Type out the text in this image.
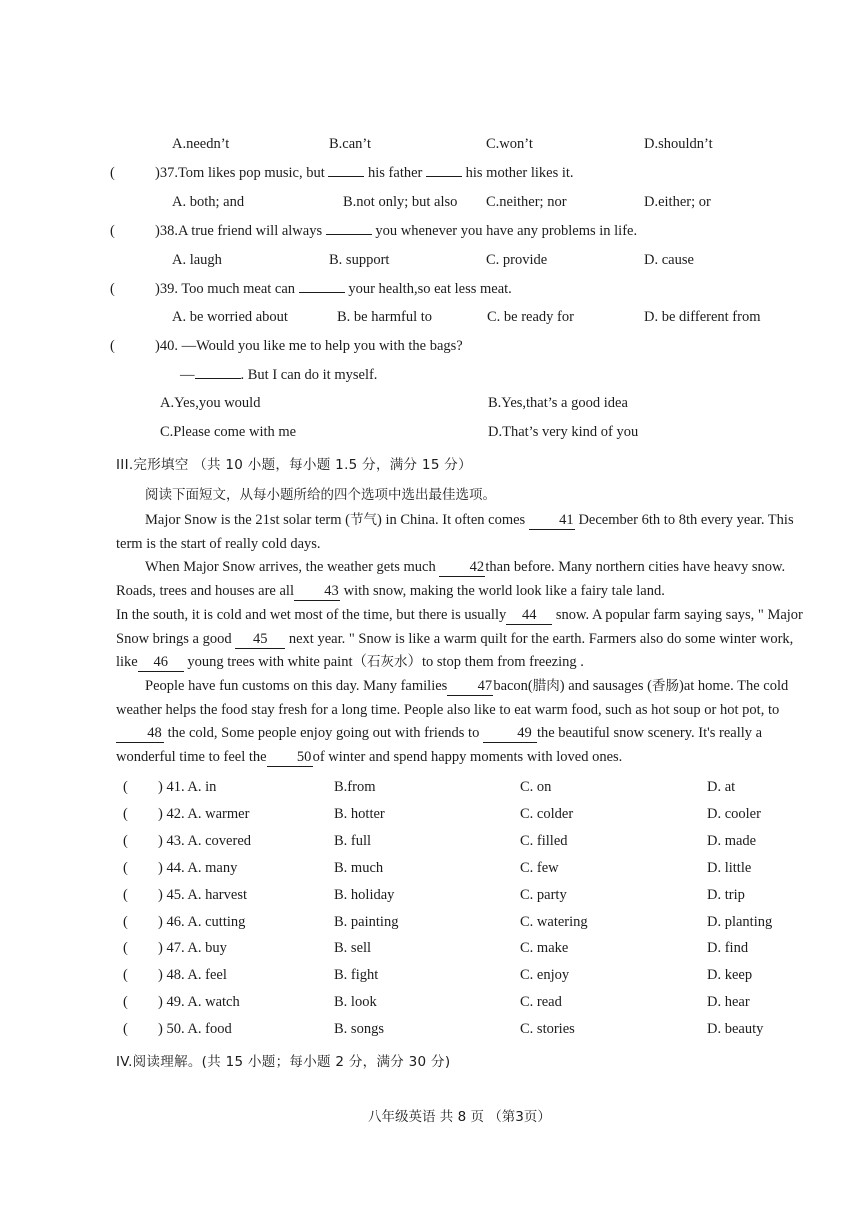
A.needn’t	B.can’t	C.won’t	D.shouldn’t
(	)37.Tom likes pop music, but  his father  his mother likes it.
A. both; and	B.not only; but also C.neither; nor	D.either; or
(	)38.A true friend will always	you whenever you have any problems in life.
A. laugh	B. support	C. provide	D. cause
(	)39. Too much meat can	your health,so eat less meat.
A. be worried about	B. be harmful to	C. be ready for	D. be different from
(	)40. —Would you like me to help you with the bags?
—	. But I can do it myself.
A.Yes,you would	B.Yes,that’s a good idea
C.Please come with me	D.That’s very kind of you
III.完形填空 （共 10 小题，每小题 1.5 分，满分 15 分）
阅读下面短文，从每小题所给的四个选项中选出最佳选项。

Major Snow is the 21st solar term (节气) in China. It often comes 41 December 6th to 8th every year. This term is the start of really cold days.

When Major Snow arrives, the weather gets much 42than before. Many northern cities have heavy snow. Roads, trees and houses are all 43 with snow, making the world look like a fairy tale land.

In the south, it is cold and wet most of the time, but there is usually 44 snow. A popular farm saying says, " Major Snow brings a good 45 next year. " Snow is like a warm quilt for the earth. Farmers also do some winter work, like 46 young trees with white paint（石灰水）to stop them from freezing .

People have fun customs on this day. Many families 47bacon(腊肉) and sausages (香肠)at home. The cold weather helps the food stay fresh for a long time. People also like to eat warm food, such as hot soup or hot pot, to 48 the cold, Some people enjoy going out with friends to 49 the beautiful snow scenery. It's really a wonderful time to feel the 50of winter and spend happy moments with loved ones.

( ) 41. A. in	B.from	C. on	D. at
( ) 42. A. warmer	B. hotter	C. colder	D. cooler
( ) 43. A. covered	B. full	C. filled	D. made
( ) 44. A. many	B. much	C. few	D. little
( ) 45. A. harvest	B. holiday	C. party	D. trip
( ) 46. A. cutting	B. painting	C. watering	D. planting
( ) 47. A. buy	B. sell	C. make	D. find
( ) 48. A. feel	B. fight	C. enjoy	D. keep
( ) 49. A. watch	B. look	C. read	D. hear
( ) 50. A. food	B. songs	C. stories	D. beauty
IV.阅读理解。(共 15 小题；每小题 2 分，满分 30 分)
八年级英语 共 8 页 （第3页）
